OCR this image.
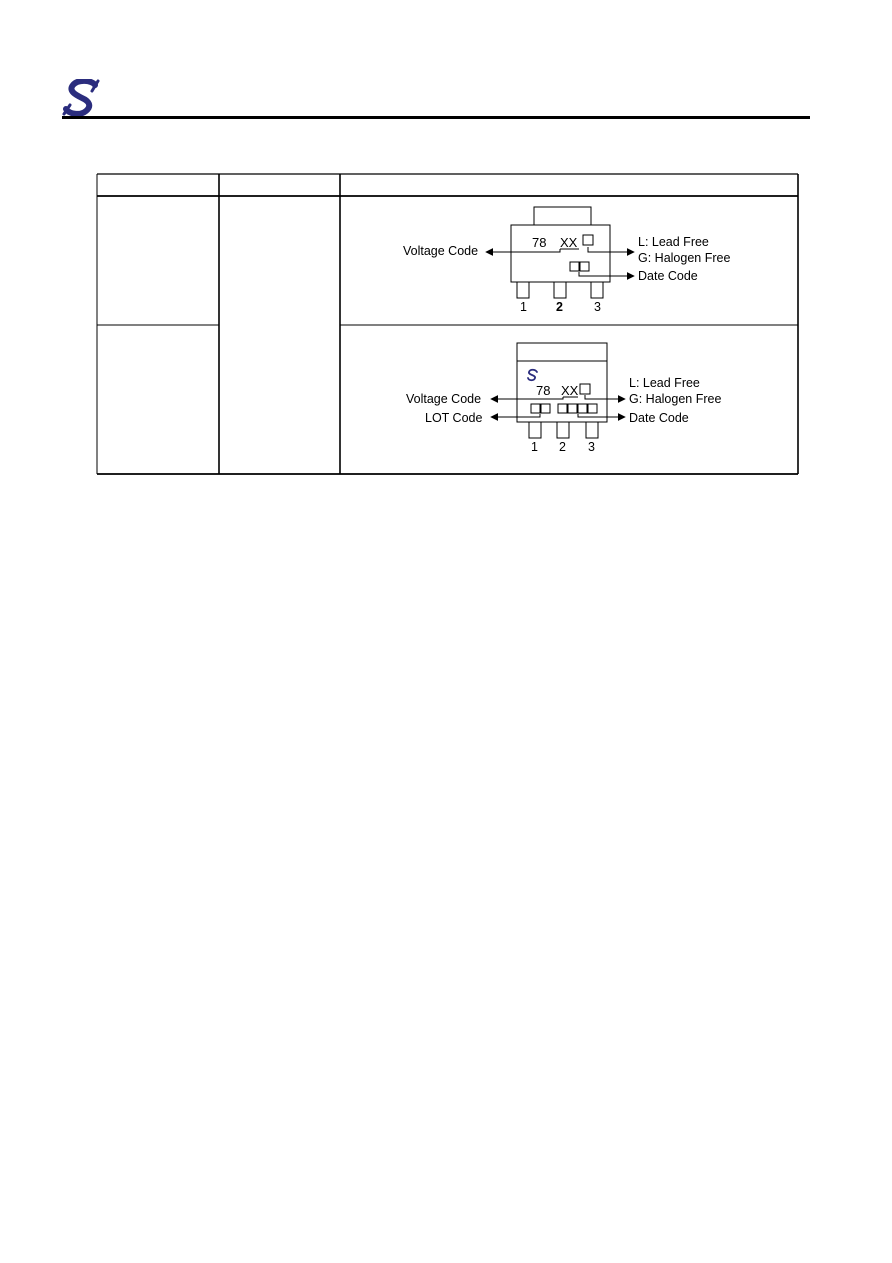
78 XX
Voltage Code
L: Lead Free
G: Halogen Free
Date Code
1 2 3
78 XX
Voltage Code
LOT Code
L: Lead Free
G: Halogen Free
Date Code
1 2 3
